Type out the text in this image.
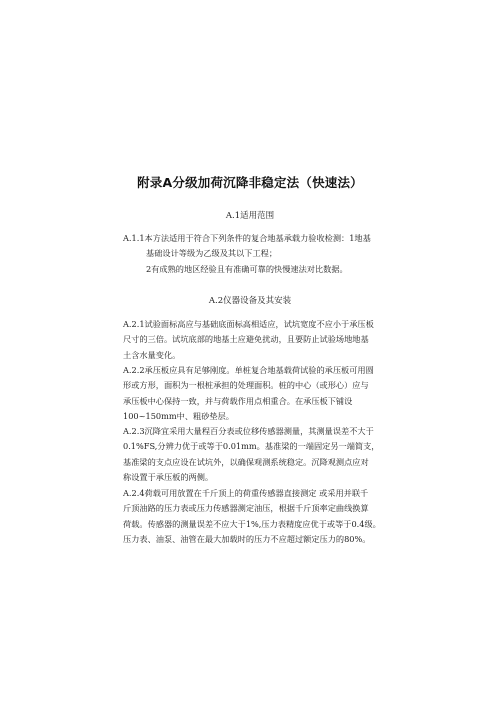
附录A分级加荷沉降非稳定法（快速法）
A.1适用范围
A.1.1本方法适用于符合下列条件的复合地基承载力验收检测：1地基
基础设计等级为乙级及其以下工程；
2有成熟的地区经验且有准确可靠的快慢速法对比数据。
A.2仪器设备及其安装
A.2.1试验面标高应与基础底面标高相适应，试坑宽度不应小于承压板
尺寸的三倍。试坑底部的地基土应避免扰动，且要防止试验场地地基
土含水量变化。
A.2.2承压板应具有足够刚度。单桩复合地基载荷试验的承压板可用圆
形或方形，面积为一根桩承担的处理面积。桩的中心（或形心）应与
承压板中心保持一致，并与荷载作用点相重合。在承压板下铺设
100~150mm中、粗砂垫层。
A.2.3沉降宜采用大量程百分表或位移传感器测量，其测量误差不大于
0.1%FS,分辨力优于或等于0.01mm。基准梁的一端固定另一端简支，
基准梁的支点应设在试坑外，以确保观测系统稳定。沉降观测点应对
称设置于承压板的两侧。
A.2.4荷载可用放置在千斤顶上的荷重传感器直接测定 或采用并联千
斤顶油路的压力表或压力传感器测定油压，根据千斤顶率定曲线换算
荷载。传感器的测量误差不应大于1%,压力表精度应优于或等于0.4级。
压力表、油泵、油管在最大加载时的压力不应超过额定压力的80%。
